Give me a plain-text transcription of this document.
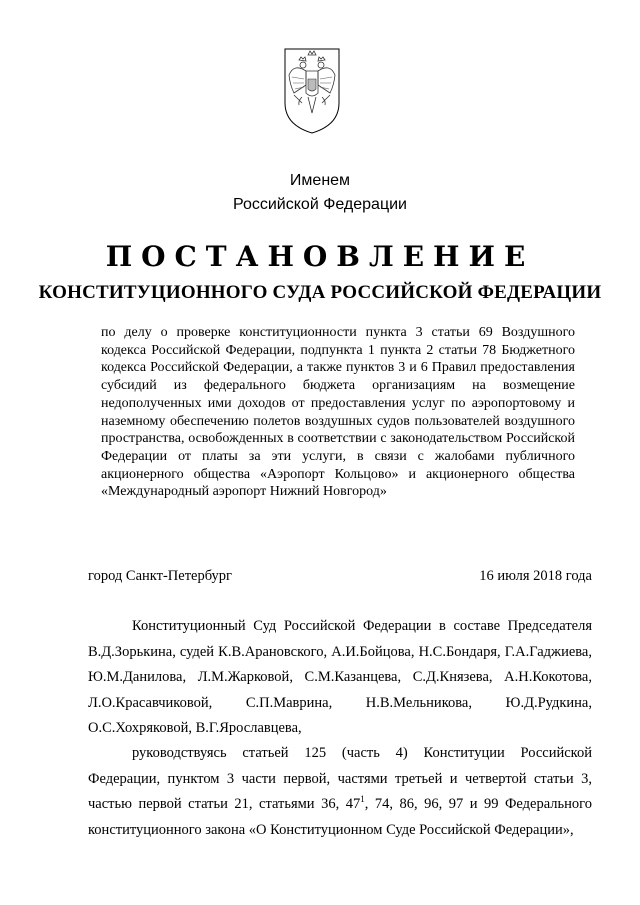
Именем
Российской Федерации
ПОСТАНОВЛЕНИЕ
КОНСТИТУЦИОННОГО СУДА РОССИЙСКОЙ ФЕДЕРАЦИИ
по делу о проверке конституционности пункта 3 статьи 69 Воздушного кодекса Российской Федерации, подпункта 1 пункта 2 статьи 78 Бюджетного кодекса Российской Федерации, а также пунктов 3 и 6 Правил предоставления субсидий из федерального бюджета организациям на возмещение недополученных ими доходов от предоставления услуг по аэропортовому и наземному обеспечению полетов воздушных судов пользователей воздушного пространства, освобожденных в соответствии с законодательством Российской Федерации от платы за эти услуги, в связи с жалобами публичного акционерного общества «Аэропорт Кольцово» и акционерного общества «Международный аэропорт Нижний Новгород»
город Санкт-Петербург	16 июля 2018 года
Конституционный Суд Российской Федерации в составе Председателя В.Д.Зорькина, судей К.В.Арановского, А.И.Бойцова, Н.С.Бондаря, Г.А.Гаджиева, Ю.М.Данилова, Л.М.Жарковой, С.М.Казанцева, С.Д.Князева, А.Н.Кокотова, Л.О.Красавчиковой, С.П.Маврина, Н.В.Мельникова, Ю.Д.Рудкина, О.С.Хохряковой, В.Г.Ярославцева,
руководствуясь статьей 125 (часть 4) Конституции Российской Федерации, пунктом 3 части первой, частями третьей и четвертой статьи 3, частью первой статьи 21, статьями 36, $47^1$, 74, 86, 96, 97 и 99 Федерального конституционного закона «О Конституционном Суде Российской Федерации»,
